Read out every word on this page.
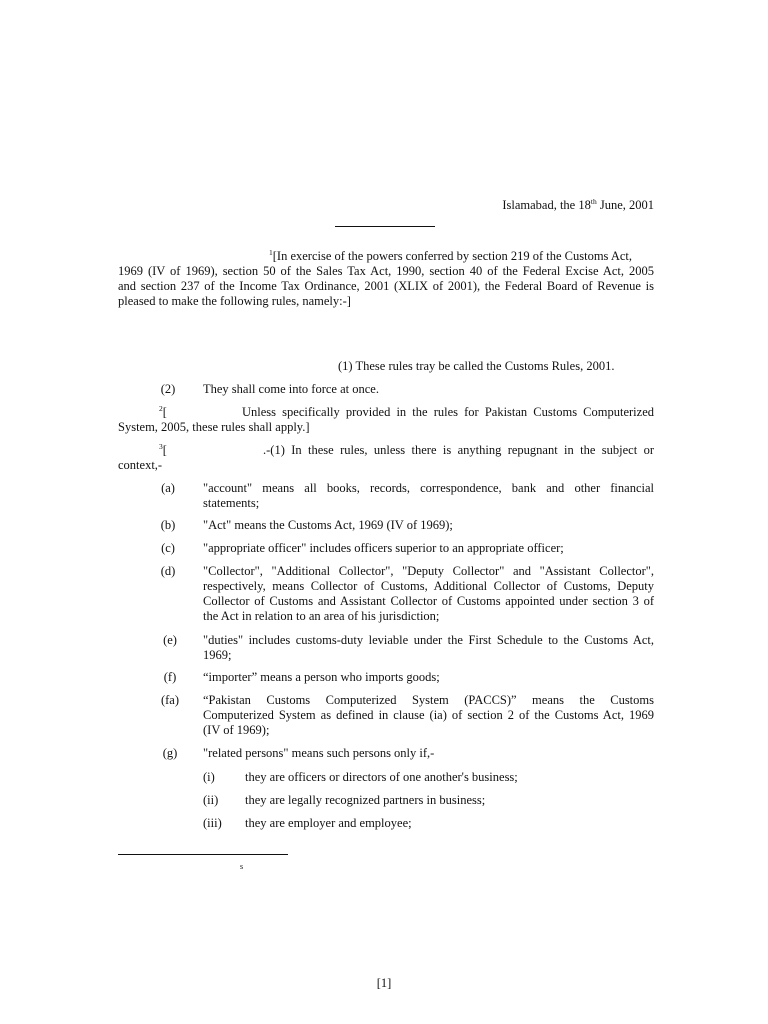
Islamabad, the 18th June, 2001
$^1$[In exercise of the powers conferred by section 219 of the Customs Act,
1969 (IV of 1969), section 50 of the Sales Tax Act, 1990, section 40 of the Federal Excise Act, 2005
and section 237 of the Income Tax Ordinance, 2001 (XLIX of 2001), the Federal Board of Revenue is
pleased to make the following rules, namely:-]
(1) These rules tray be called the Customs Rules, 2001.
(2)	They shall come into force at once.
$^2$[	Unless specifically provided in the rules for Pakistan Customs Computerized
System, 2005, these rules shall apply.]
$^3$[	.-(1) In these rules, unless there is anything repugnant in the subject or
context,-
(a)	"account" means all books, records, correspondence, bank and other financial
statements;
(b)	"Act" means the Customs Act, 1969 (IV of 1969);
(c)	"appropriate officer" includes officers superior to an appropriate officer;
(d)	"Collector", "Additional Collector", "Deputy Collector" and "Assistant Collector",
respectively, means Collector of Customs, Additional Collector of Customs, Deputy
Collector of Customs and Assistant Collector of Customs appointed under section 3 of
the Act in relation to an area of his jurisdiction;
(e)	"duties" includes customs-duty leviable under the First Schedule to the Customs Act,
1969;
(f)	“importer” means a person who imports goods;
(fa)	“Pakistan Customs Computerized System (PACCS)” means the Customs
Computerized System as defined in clause (ia) of section 2 of the Customs Act, 1969
(IV of 1969);
(g)	"related persons" means such persons only if,-
(i) they are officers or directors of one another's business;
(ii) they are legally recognized partners in business;
(iii) they are employer and employee;
s
[1]
